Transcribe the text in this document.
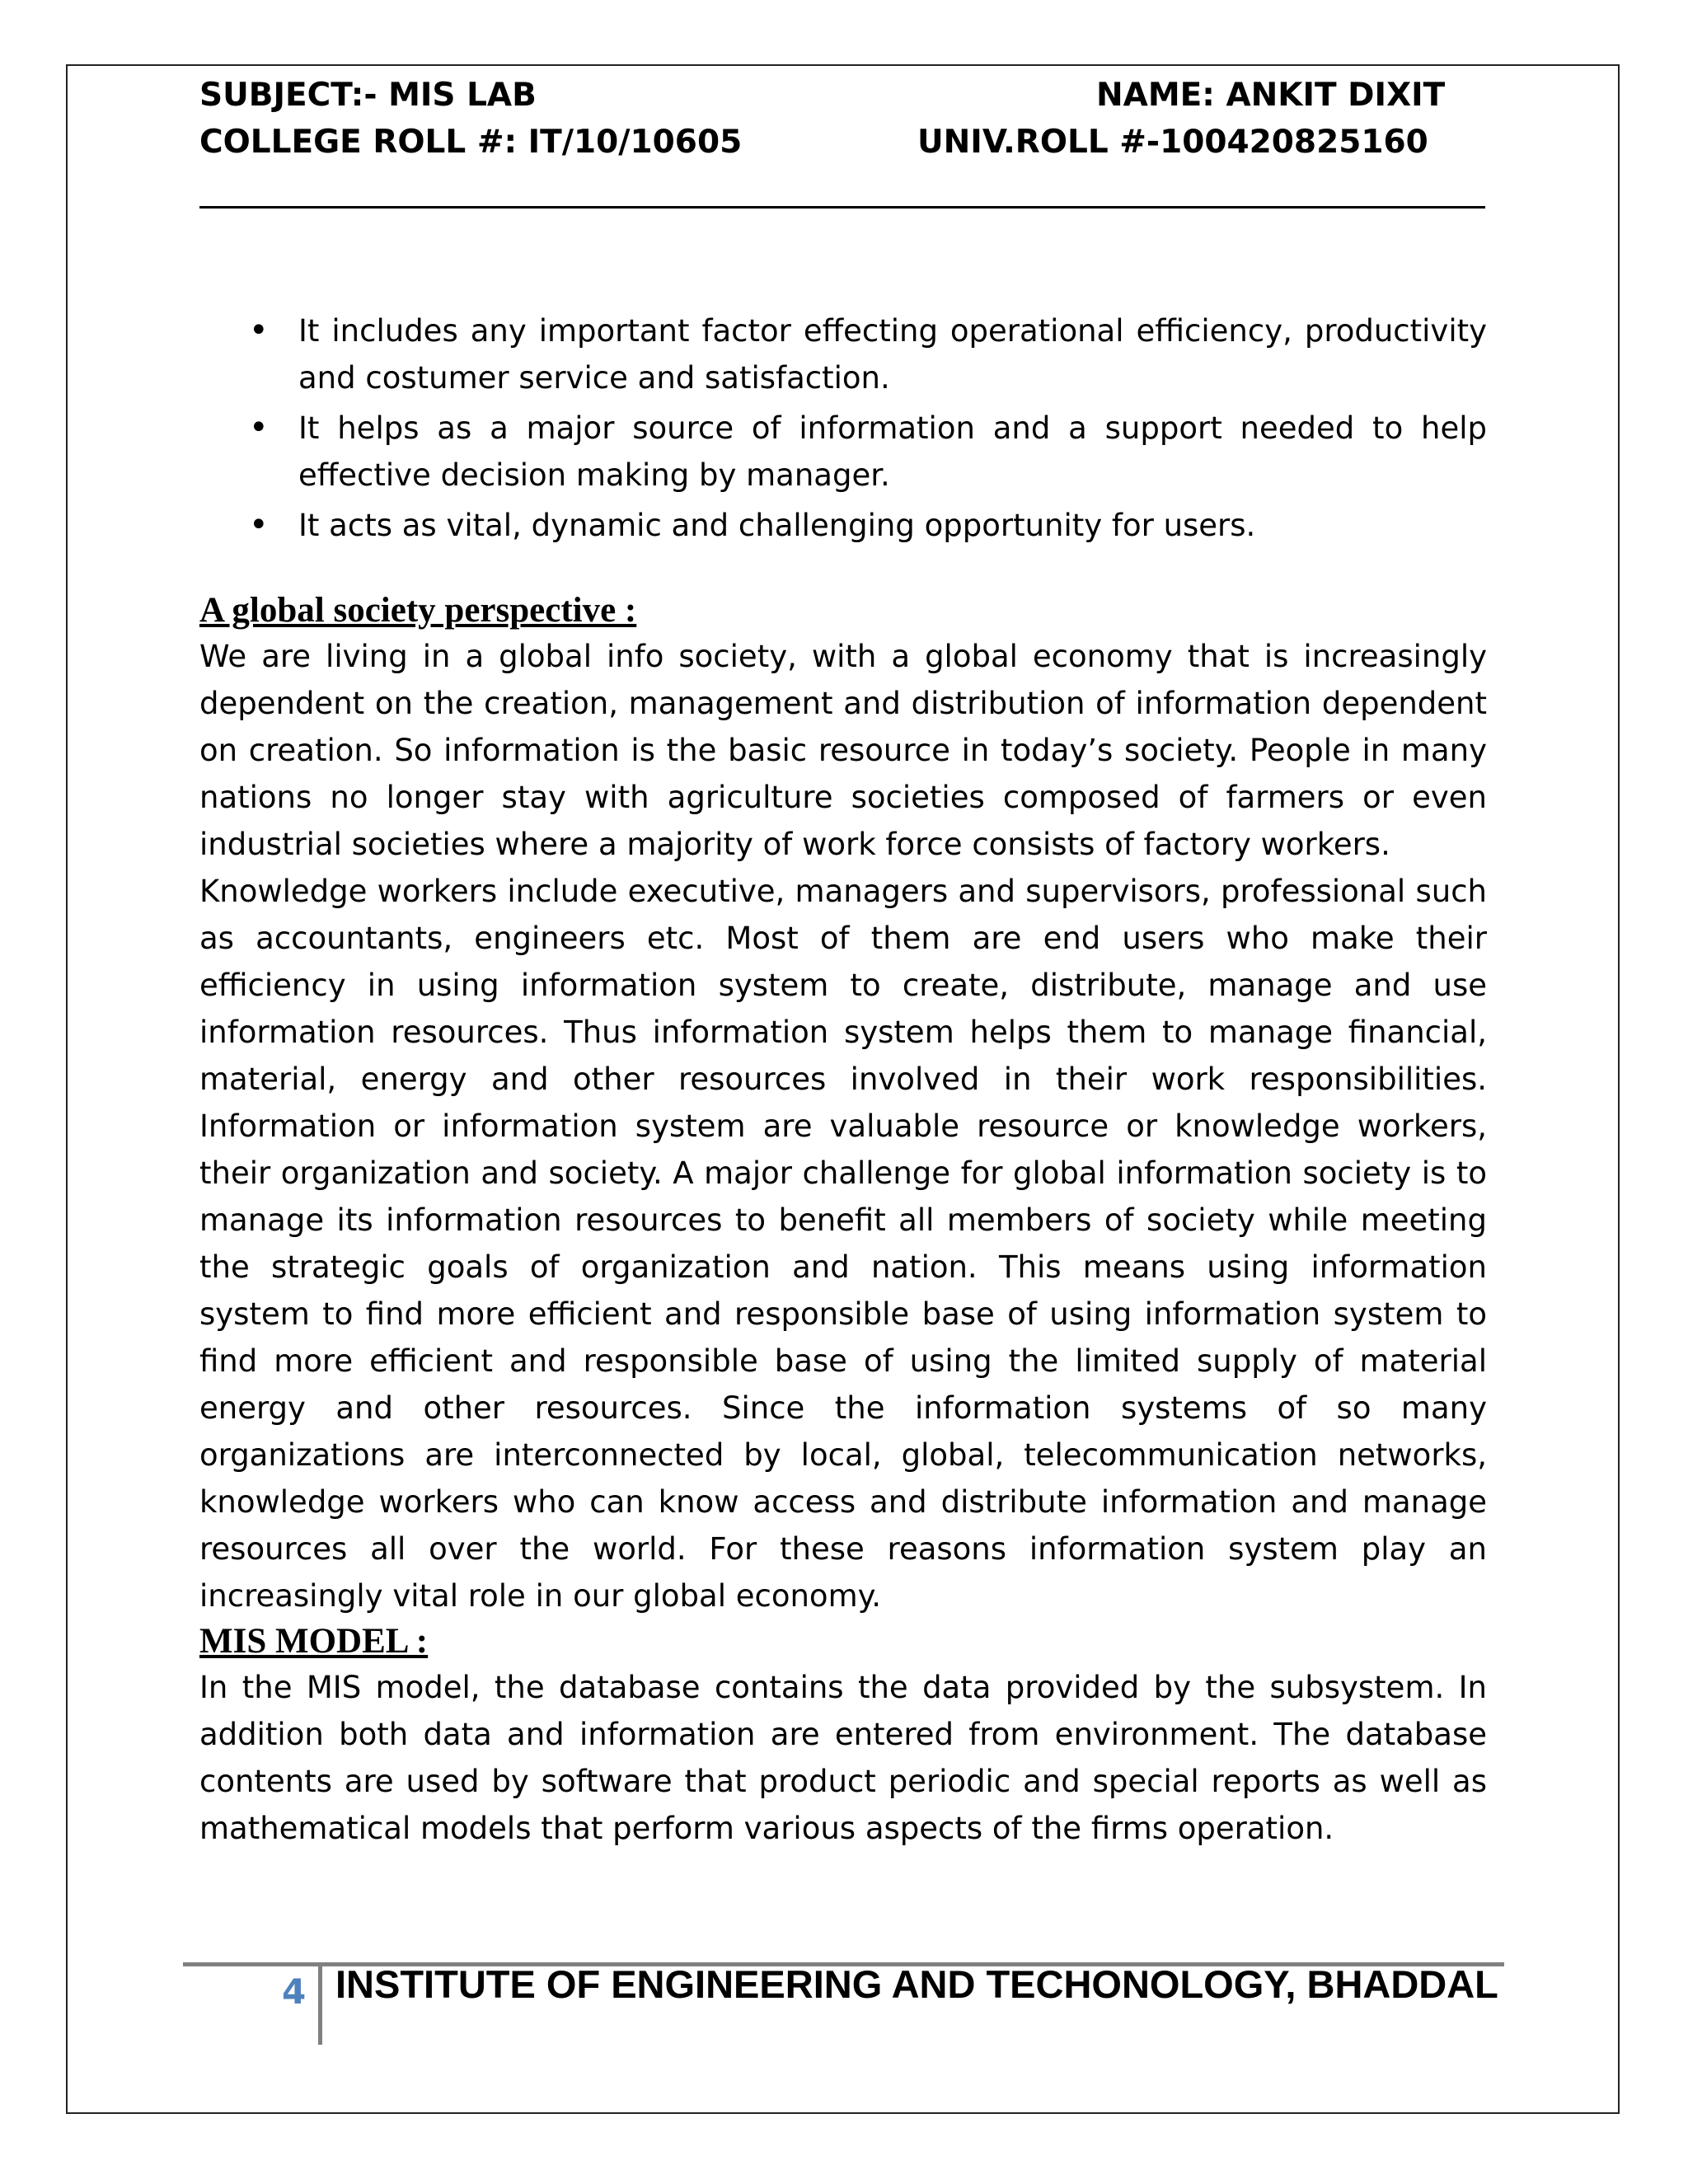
SUBJECT:- MIS LAB	NAME: ANKIT DIXIT
COLLEGE ROLL #: IT/10/10605	UNIV.ROLL #-100420825160
• It includes any important factor effecting operational efficiency, productivity and costumer service and satisfaction.
• It helps as a major source of information and a support needed to help effective decision making by manager.
• It acts as vital, dynamic and challenging opportunity for users.
A global society perspective :

We are living in a global info society, with a global economy that is increasingly dependent on the creation, management and distribution of information dependent on creation. So information is the basic resource in today’s society. People in many nations no longer stay with agriculture societies composed of farmers or even industrial societies where a majority of work force consists of factory workers.

Knowledge workers include executive, managers and supervisors, professional such as accountants, engineers etc. Most of them are end users who make their efficiency in using information system to create, distribute, manage and use information resources. Thus information system helps them to manage financial, material, energy and other resources involved in their work responsibilities. Information or information system are valuable resource or knowledge workers, their organization and society. A major challenge for global information society is to manage its information resources to benefit all members of society while meeting the strategic goals of organization and nation. This means using information system to find more efficient and responsible base of using information system to find more efficient and responsible base of using the limited supply of material energy and other resources. Since the information systems of so many organizations are interconnected by local, global, telecommunication networks, knowledge workers who can know access and distribute information and manage resources all over the world. For these reasons information system play an increasingly vital role in our global economy.

MIS MODEL :

In the MIS model, the database contains the data provided by the subsystem. In addition both data and information are entered from environment. The database contents are used by software that product periodic and special reports as well as mathematical models that perform various aspects of the firms operation.

4 INSTITUTE OF ENGINEERING AND TECHONOLOGY, BHADDAL
